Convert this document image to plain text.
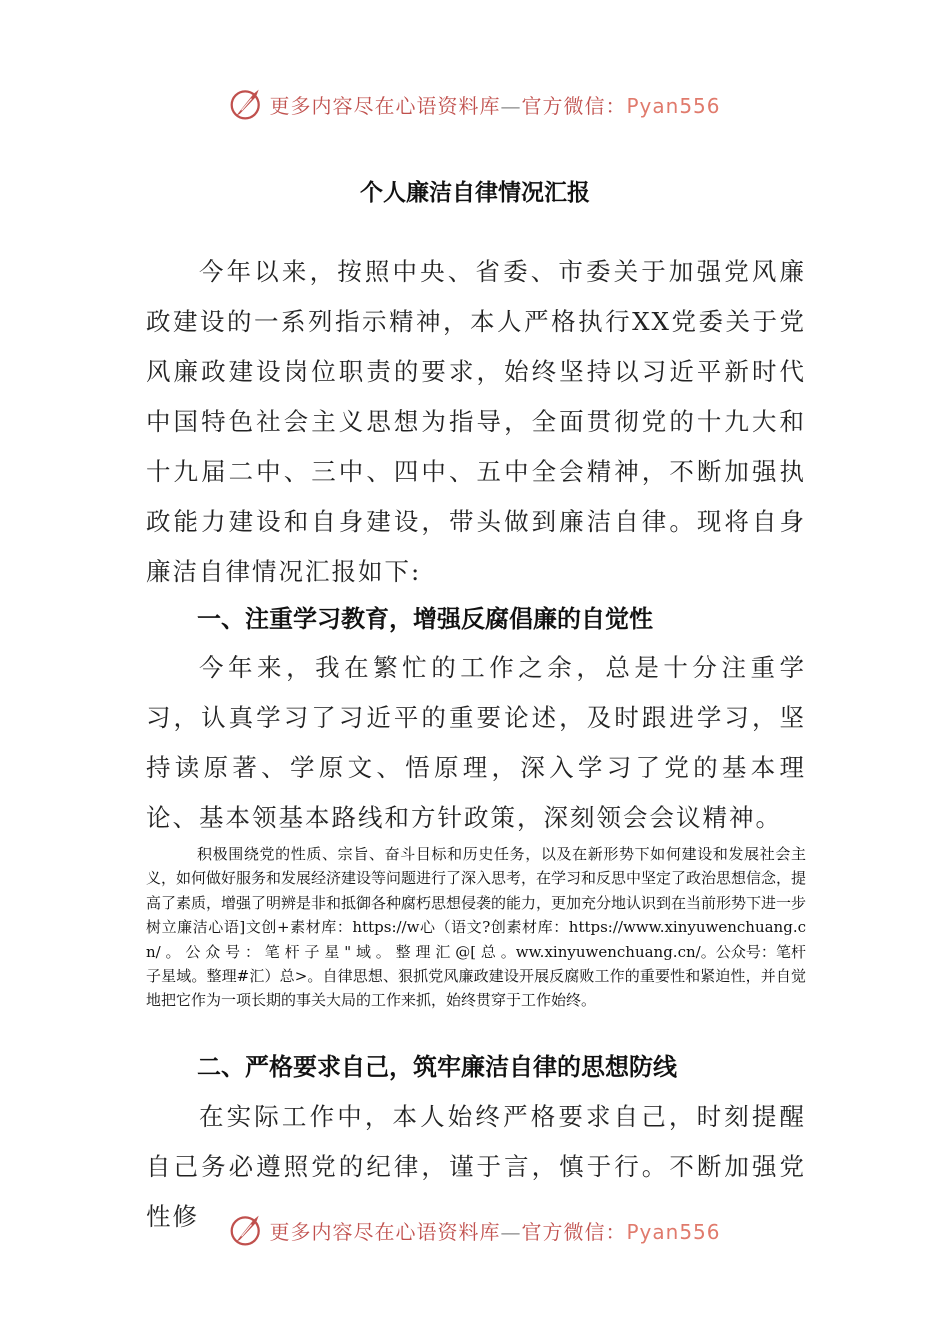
更多内容尽在心语资料库—官方微信：Pyan556
个人廉洁自律情况汇报

今年以来，按照中央、省委、市委关于加强党风廉政建设的一系列指示精神，本人严格执行XX党委关于党风廉政建设岗位职责的要求，始终坚持以习近平新时代中国特色社会主义思想为指导，全面贯彻党的十九大和十九届二中、三中、四中、五中全会精神，不断加强执政能力建设和自身建设，带头做到廉洁自律。现将自身廉洁自律情况汇报如下:

一、注重学习教育，增强反腐倡廉的自觉性

今年来，我在繁忙的工作之余，总是十分注重学习，认真学习了习近平的重要论述，及时跟进学习，坚持读原著、学原文、悟原理，深入学习了党的基本理论、基本领基本路线和方针政策，深刻领会会议精神。

积极围绕党的性质、宗旨、奋斗目标和历史任务，以及在新形势下如何建设和发展社会主义，如何做好服务和发展经济建设等问题进行了深入思考，在学习和反思中坚定了政治思想信念，提高了素质，增强了明辨是非和抵御各种腐朽思想侵袭的能力，更加充分地认识到在当前形势下进一步树立廉洁心语]文创+素材库：https://w心（语文?创素材库：https://www.xinyuwenchuang.cn/ 。 公 众 号 ： 笔 杆 子 星 " 域 。 整 理 汇 @[ 总 。ww.xinyuwenchuang.cn/。公众号：笔杆子星域。整理#汇）总>。自律思想、狠抓党风廉政建设开展反腐败工作的重要性和紧迫性，并自觉地把它作为一项长期的事关大局的工作来抓，始终贯穿于工作始终。

二、严格要求自己，筑牢廉洁自律的思想防线

在实际工作中，本人始终严格要求自己，时刻提醒自己务必遵照党的纪律，谨于言，慎于行。不断加强党性修

更多内容尽在心语资料库—官方微信：Pyan556
